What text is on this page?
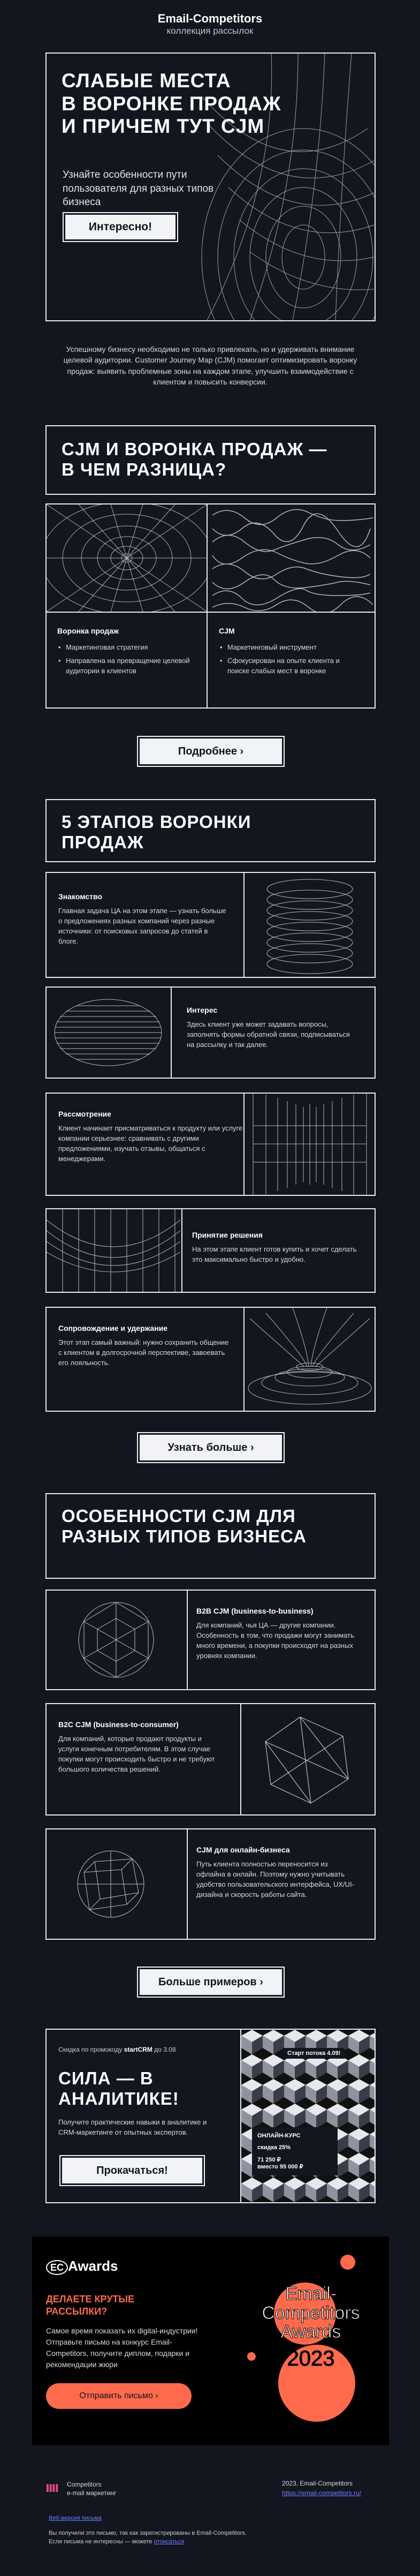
Email-Competitors
коллекция рассылок
СЛАБЫЕ МЕСТА
В ВОРОНКЕ ПРОДАЖ
И ПРИЧЕМ ТУТ CJM
Узнайте особенности пути пользователя для разных типов бизнеса
Интересно!
Успешному бизнесу необходимо не только привлекать, но и удерживать внимание целевой аудитории. Customer Journey Map (CJM) помогает оптимизировать воронку продаж: выявить проблемные зоны на каждом этапе, улучшить взаимодействие с клиентом и повысить конверсии.
CJM И ВОРОНКА ПРОДАЖ — В ЧЕМ РАЗНИЦА?
Воронка продаж
• Маркетинговая стратегия
• Направлена на превращение целевой аудитории в клиентов
CJM
• Маркетинговый инструмент
• Сфокусирован на опыте клиента и поиске слабых мест в воронке
Подробнее ›
5 ЭТАПОВ ВОРОНКИ ПРОДАЖ
Знакомство
Главная задача ЦА на этом этапе — узнать больше о предложениях разных компаний через разные источники: от поисковых запросов до статей в блоге.
Интерес
Здесь клиент уже может задавать вопросы, заполнять формы обратной связи, подписываться на рассылку и так далее.
Рассмотрение
Клиент начинает присматриваться к продукту или услуге компании серьезнее: сравнивать с другими предложениями, изучать отзывы, общаться с менеджерами.
Принятие решения
На этом этапе клиент готов купить и хочет сделать это максимально быстро и удобно.
Сопровождение и удержание
Этот этап самый важный: нужно сохранить общение с клиентом в долгосрочной перспективе, завоевать его лояльность.
Узнать больше ›
ОСОБЕННОСТИ CJM ДЛЯ РАЗНЫХ ТИПОВ БИЗНЕСА
B2B CJM (business-to-business)
Для компаний, чья ЦА — другие компании. Особенность в том, что продажи могут занимать много времени, а покупки происходят на разных уровнях компании.
B2C CJM (business-to-consumer)
Для компаний, которые продают продукты и услуги конечным потребителям. В этом случае покупки могут происходить быстро и не требуют большого количества решений.
CJM для онлайн-бизнеса
Путь клиента полностью переносится из офлайна в онлайн. Поэтому нужно учитывать удобство пользовательского интерфейса, UX/UI-дизайна и скорость работы сайта.
Больше примеров ›
Скидка по промокоду startCRM до 3.08
СИЛА — В АНАЛИТИКЕ!
Получите практические навыки в аналитике и CRM-маркетинге от опытных экспертов.
Прокачаться!
Старт потока 4.09!
ОНЛАЙН-КУРС
скидка 25%
71 250 ₽
вместо 95 000 ₽
EC Awards
ДЕЛАЕТЕ КРУТЫЕ РАССЫЛКИ?
Самое время показать их digital-индустрии! Отправьте письмо на конкурс Email-Competitors, получите диплом, подарки и рекомендации жюри
Отправить письмо ›
Email-
Competitors
Awards
2023
ıııı Competitors
e-mail маркетинг
2023, Email-Competitors
https://email-competitors.ru/
Веб-версия письма
Вы получили это письмо, так как зарегистрированы в Email-Competitors.
Если письма не интересны — можете отписаться
